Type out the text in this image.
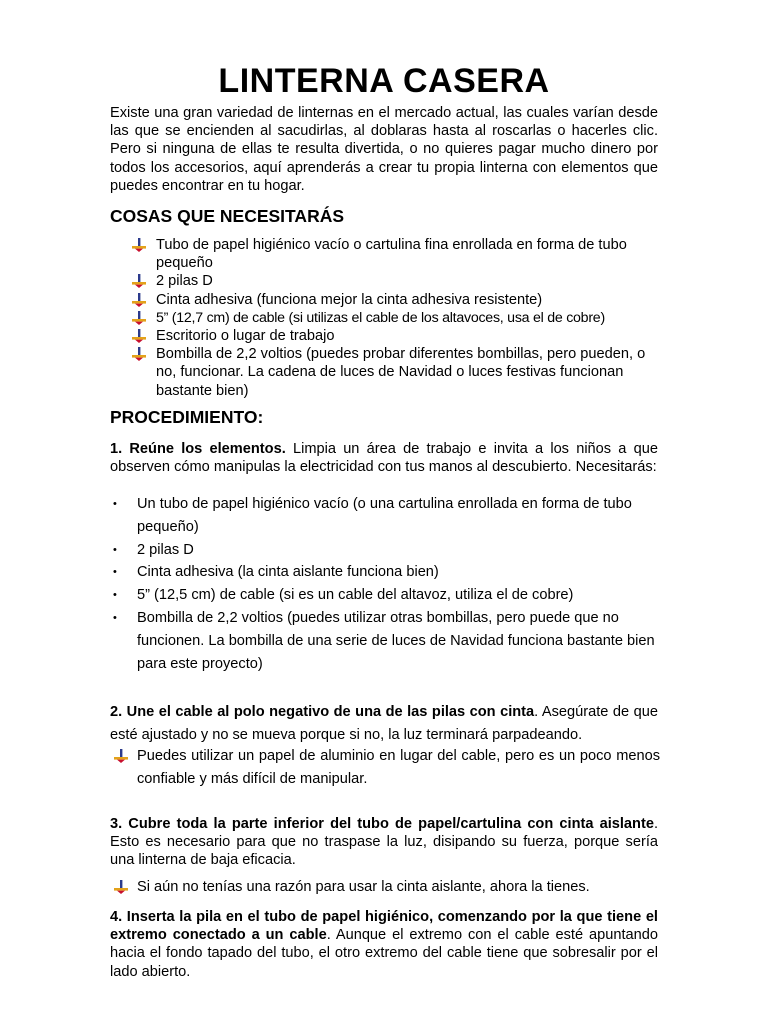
LINTERNA CASERA

Existe una gran variedad de linternas en el mercado actual, las cuales varían desde las que se encienden al sacudirlas, al doblaras hasta al roscarlas o hacerles clic. Pero si ninguna de ellas te resulta divertida, o no quieres pagar mucho dinero por todos los accesorios, aquí aprenderás a crear tu propia linterna con elementos que puedes encontrar en tu hogar.

COSAS QUE NECESITARÁS
Tubo de papel higiénico vacío o cartulina fina enrollada en forma de tubo pequeño
2 pilas D
Cinta adhesiva (funciona mejor la cinta adhesiva resistente)
5” (12,7 cm) de cable (si utilizas el cable de los altavoces, usa el de cobre)
Escritorio o lugar de trabajo
Bombilla de 2,2 voltios (puedes probar diferentes bombillas, pero pueden, o no, funcionar. La cadena de luces de Navidad o luces festivas funcionan bastante bien)
PROCEDIMIENTO:

1. Reúne los elementos. Limpia un área de trabajo e invita a los niños a que observen cómo manipulas la electricidad con tus manos al descubierto. Necesitarás:

• Un tubo de papel higiénico vacío (o una cartulina enrollada en forma de tubo pequeño)
• 2 pilas D
• Cinta adhesiva (la cinta aislante funciona bien)
• 5” (12,5 cm) de cable (si es un cable del altavoz, utiliza el de cobre)
• Bombilla de 2,2 voltios (puedes utilizar otras bombillas, pero puede que no funcionen. La bombilla de una serie de luces de Navidad funciona bastante bien para este proyecto)

2. Une el cable al polo negativo de una de las pilas con cinta. Asegúrate de que esté ajustado y no se mueva porque si no, la luz terminará parpadeando.

Puedes utilizar un papel de aluminio en lugar del cable, pero es un poco menos confiable y más difícil de manipular.

3. Cubre toda la parte inferior del tubo de papel/cartulina con cinta aislante. Esto es necesario para que no traspase la luz, disipando su fuerza, porque sería una linterna de baja eficacia.

Si aún no tenías una razón para usar la cinta aislante, ahora la tienes.

4. Inserta la pila en el tubo de papel higiénico, comenzando por la que tiene el extremo conectado a un cable. Aunque el extremo con el cable esté apuntando hacia el fondo tapado del tubo, el otro extremo del cable tiene que sobresalir por el lado abierto.
